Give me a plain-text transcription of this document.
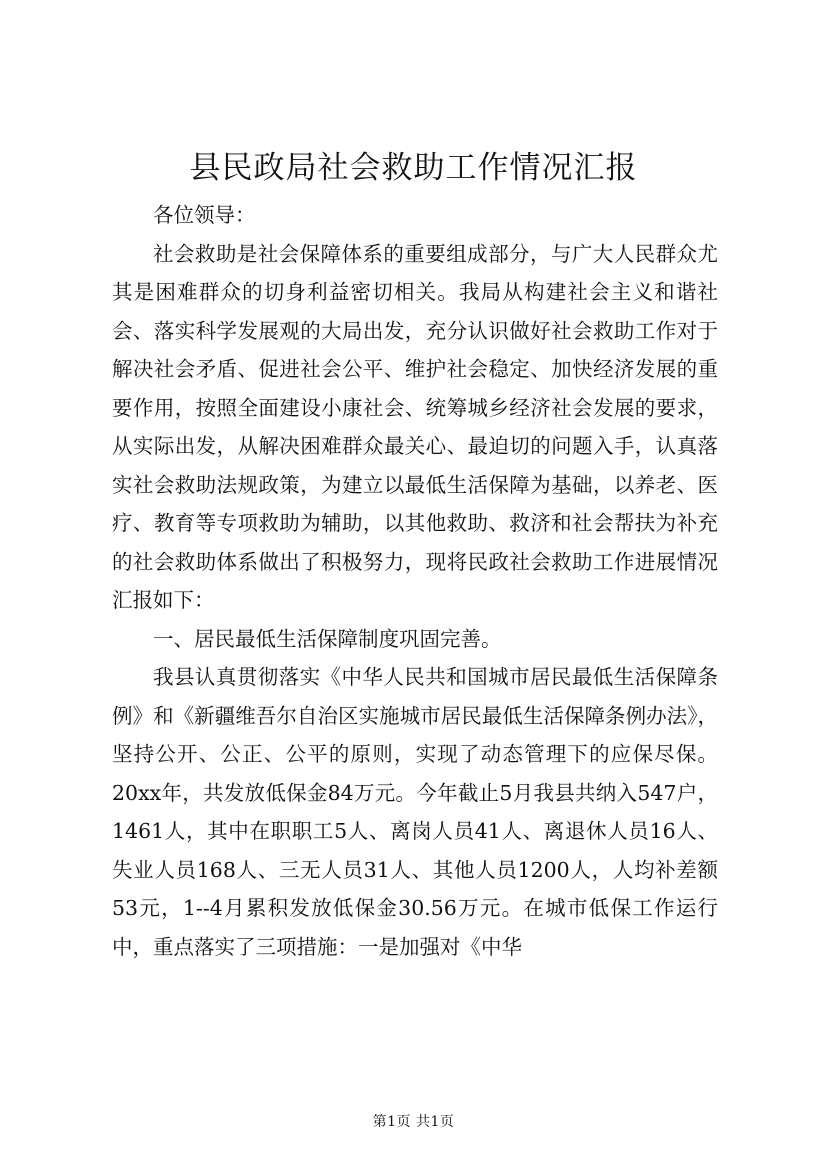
县民政局社会救助工作情况汇报

各位领导：

社会救助是社会保障体系的重要组成部分，与广大人民群众尤其是困难群众的切身利益密切相关。我局从构建社会主义和谐社会、落实科学发展观的大局出发，充分认识做好社会救助工作对于解决社会矛盾、促进社会公平、维护社会稳定、加快经济发展的重要作用，按照全面建设小康社会、统筹城乡经济社会发展的要求，从实际出发，从解决困难群众最关心、最迫切的问题入手，认真落实社会救助法规政策，为建立以最低生活保障为基础，以养老、医疗、教育等专项救助为辅助，以其他救助、救济和社会帮扶为补充的社会救助体系做出了积极努力，现将民政社会救助工作进展情况汇报如下：

一、居民最低生活保障制度巩固完善。

我县认真贯彻落实《中华人民共和国城市居民最低生活保障条例》和《新疆维吾尔自治区实施城市居民最低生活保障条例办法》，坚持公开、公正、公平的原则，实现了动态管理下的应保尽保。20xx年，共发放低保金84万元。今年截止5月我县共纳入547户，1461人，其中在职职工5人、离岗人员41人、离退休人员16人、失业人员168人、三无人员31人、其他人员1200人，人均补差额53元，1--4月累积发放低保金30.56万元。在城市低保工作运行中，重点落实了三项措施：一是加强对《中华

第1页 共1页
